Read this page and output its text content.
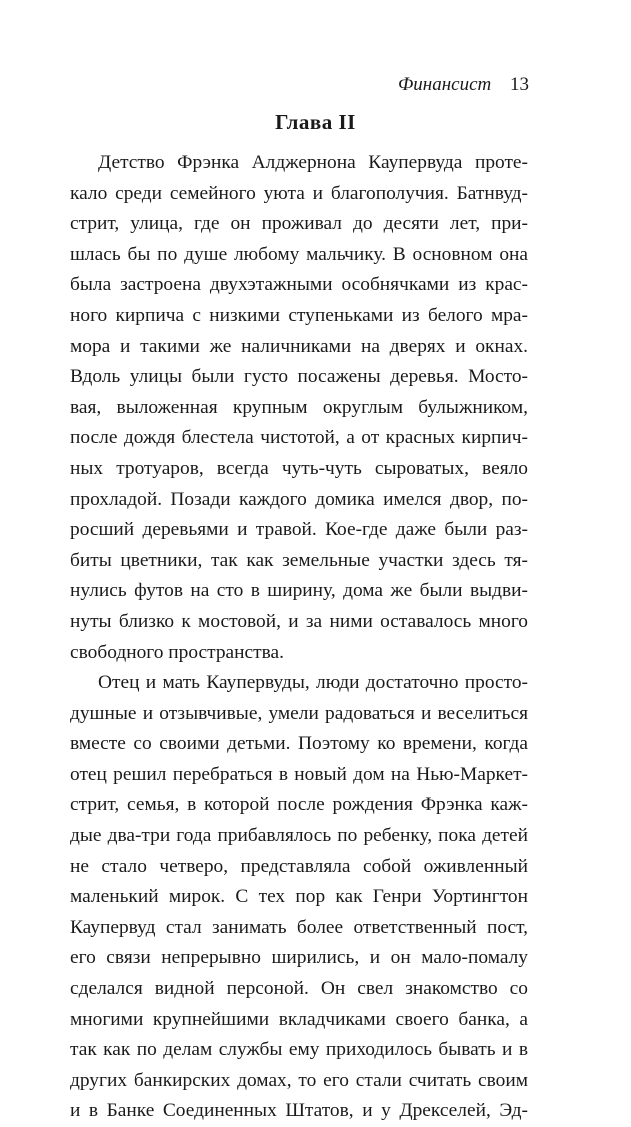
Финансист 13
Глава II
Детство Фрэнка Алджернона Каупервуда проте-
кало среди семейного уюта и благополучия. Батнвуд-
стрит, улица, где он проживал до десяти лет, при-
шлась бы по душе любому мальчику. В основном она
была застроена двухэтажными особнячками из крас-
ного кирпича с низкими ступеньками из белого мра-
мора и такими же наличниками на дверях и окнах.
Вдоль улицы были густо посажены деревья. Мосто-
вая, выложенная крупным округлым булыжником,
после дождя блестела чистотой, а от красных кирпич-
ных тротуаров, всегда чуть-чуть сыроватых, веяло
прохладой. Позади каждого домика имелся двор, по-
росший деревьями и травой. Кое-где даже были раз-
биты цветники, так как земельные участки здесь тя-
нулись футов на сто в ширину, дома же были выдви-
нуты близко к мостовой, и за ними оставалось много
свободного пространства.
Отец и мать Каупервуды, люди достаточно просто-
душные и отзывчивые, умели радоваться и веселиться
вместе со своими детьми. Поэтому ко времени, когда
отец решил перебраться в новый дом на Нью-Маркет-
стрит, семья, в которой после рождения Фрэнка каж-
дые два-три года прибавлялось по ребенку, пока детей
не стало четверо, представляла собой оживленный
маленький мирок. С тех пор как Генри Уортингтон
Каупервуд стал занимать более ответственный пост,
его связи непрерывно ширились, и он мало-помалу
сделался видной персоной. Он свел знакомство со
многими крупнейшими вкладчиками своего банка, а
так как по делам службы ему приходилось бывать и в
других банкирских домах, то его стали считать своим
и в Банке Соединенных Штатов, и у Дрекселей, Эд-
